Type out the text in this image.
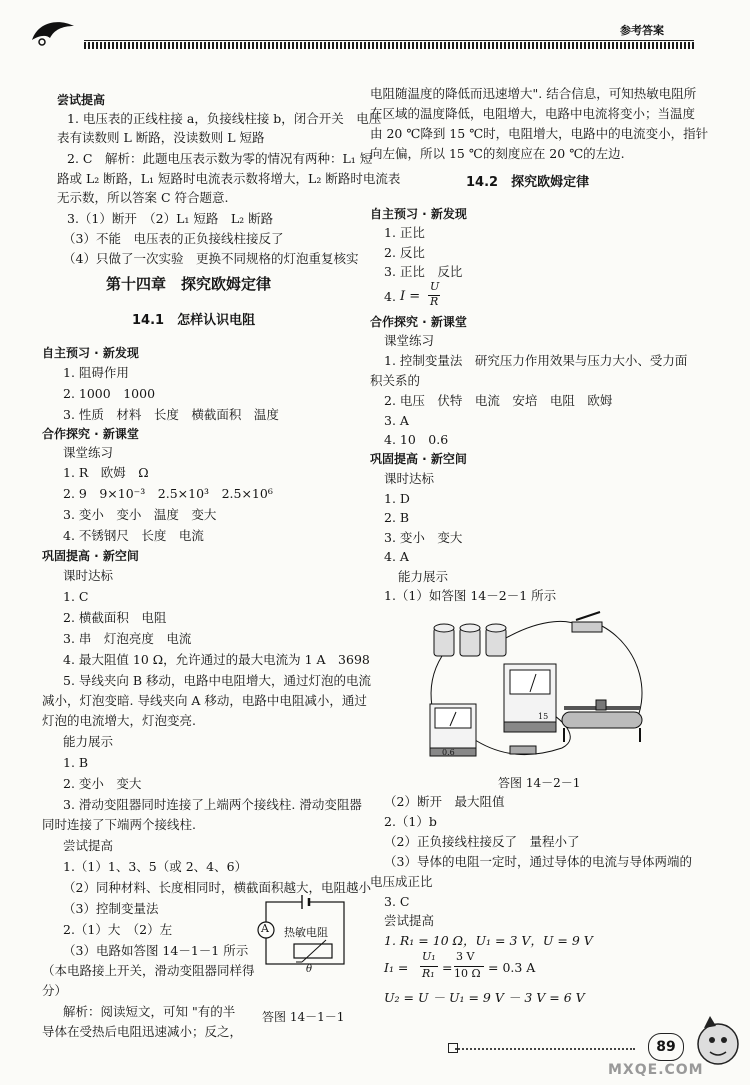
参考答案
尝试提高
1. 电压表的正线柱接 a，负接线柱接 b，闭合开关　电压
表有读数则 L 断路，没读数则 L 短路
2. C　解析：此题电压表示数为零的情况有两种：L₁ 短
路或 L₂ 断路，L₁ 短路时电流表示数将增大，L₂ 断路时电流表
无示数，所以答案 C 符合题意.
3.（1）断开　（2）L₁ 短路　L₂ 断路
（3）不能　电压表的正负接线柱接反了
（4）只做了一次实验　更换不同规格的灯泡重复核实
第十四章　探究欧姆定律
14.1　怎样认识电阻
自主预习 · 新发现
1. 阻碍作用
2. 1000　1000
3. 性质　材料　长度　横截面积　温度
合作探究 · 新课堂
课堂练习
1. R　欧姆　Ω
2. 9　9×10⁻³　2.5×10³　2.5×10⁶
3. 变小　变小　温度　变大
4. 不锈钢尺　长度　电流
巩固提高 · 新空间
课时达标
1. C
2. 横截面积　电阻
3. 串　灯泡亮度　电流
4. 最大阻值 10 Ω，允许通过的最大电流为 1 A　3698
5. 导线夹向 B 移动，电路中电阻增大，通过灯泡的电流
减小，灯泡变暗. 导线夹向 A 移动，电路中电阻减小，通过
灯泡的电流增大，灯泡变亮.
能力展示
1. B
2. 变小　变大
3. 滑动变阻器同时连接了上端两个接线柱. 滑动变阻器
同时连接了下端两个接线柱.
尝试提高
1.（1）1、3、5（或 2、4、6）
（2）同种材料、长度相同时，横截面积越大，电阻越小
（3）控制变量法
2.（1）大　（2）左
（3）电路如答图 14－1－1 所示
（本电路接上开关，滑动变阻器同样得
分）
解析：阅读短文，可知 "有的半
导体在受热后电阻迅速减小；反之，
A 热敏电阻
θ
答图 14－1－1
电阻随温度的降低而迅速增大". 结合信息，可知热敏电阻所
在区域的温度降低，电阻增大，电路中电流将变小；当温度
由 20 ℃降到 15 ℃时，电阻增大，电路中的电流变小，指针
向左偏，所以 15 ℃的刻度应在 20 ℃的左边.
14.2　探究欧姆定律
自主预习 · 新发现
1. 正比
2. 反比
3. 正比　反比
4. I =
U
R
合作探究 · 新课堂
课堂练习
1. 控制变量法　研究压力作用效果与压力大小、受力面
积关系的
2. 电压　伏特　电流　安培　电阻　欧姆
3. A
4. 10　0.6
巩固提高 · 新空间
课时达标
1. D
2. B
3. 变小　变大
4. A
能力展示
1.（1）如答图 14－2－1 所示
15
0.6
答图 14－2－1
（2）断开　最大阻值
2.（1）b
（2）正负接线柱接反了　量程小了
（3）导体的电阻一定时，通过导体的电流与导体两端的
电压成正比
3. C
尝试提高
1. R₁ = 10 Ω，U₁ = 3 V，U = 9 V
I₁ =
U₁
R₁ =
3 V
10 Ω = 0.3 A
U₂ = U － U₁ = 9 V － 3 V = 6 V
89
MXQE.COM
